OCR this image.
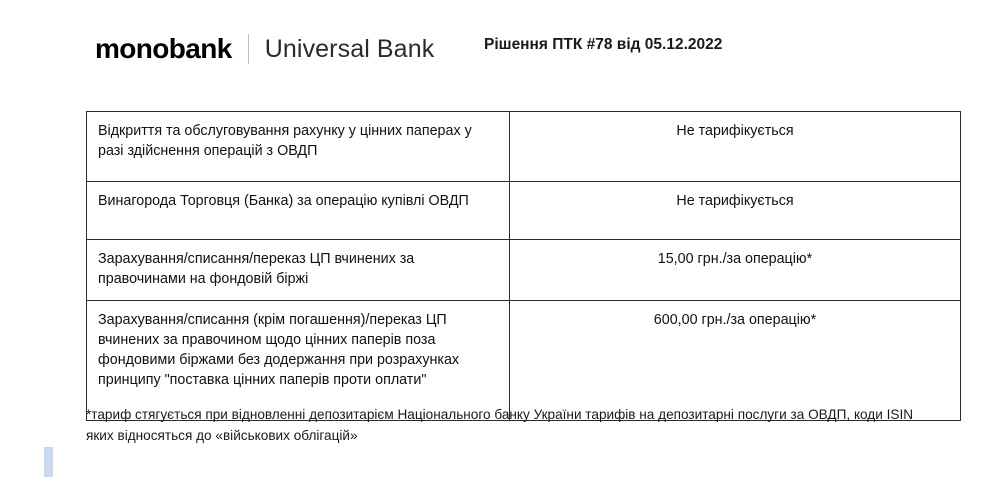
monobank Universal Bank	Рішення ПТК #78 від 05.12.2022
Відкриття та обслуговування рахунку у цінних паперах у разі здійснення операцій з ОВДП	Не тарифікується
Винагорода Торговця (Банка) за операцію купівлі ОВДП	Не тарифікується
Зарахування/списання/переказ ЦП вчинених за правочинами на фондовій біржі	15,00 грн./за операцію*
Зарахування/списання (крім погашення)/переказ ЦП вчинених за правочином щодо цінних паперів поза фондовими біржами без додержання при розрахунках принципу "поставка цінних паперів проти оплати"	600,00 грн./за операцію*
*тариф стягується при відновленні депозитарієм Національного банку України тарифів на депозитарні послуги за ОВДП, коди ISIN яких відносяться до «військових облігацій»
